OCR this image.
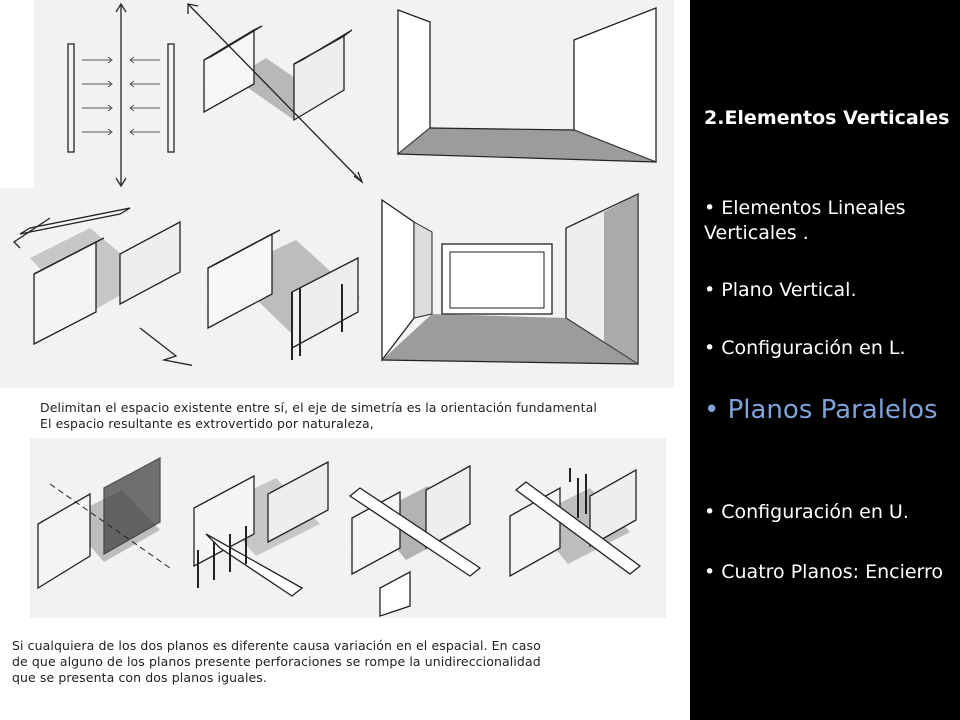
Delimitan el espacio existente entre sí, el eje de simetría es la orientación fundamental
El espacio resultante es extrovertido por naturaleza,
Si cualquiera de los dos planos es diferente causa variación en el espacial. En caso
de que alguno de los planos presente perforaciones se rompe la unidireccionalidad
que se presenta con dos planos iguales.
2.Elementos Verticales
• Elementos Lineales Verticales .
• Plano Vertical.
• Configuración en L.
• Planos Paralelos
• Configuración en U.
• Cuatro Planos: Encierro
